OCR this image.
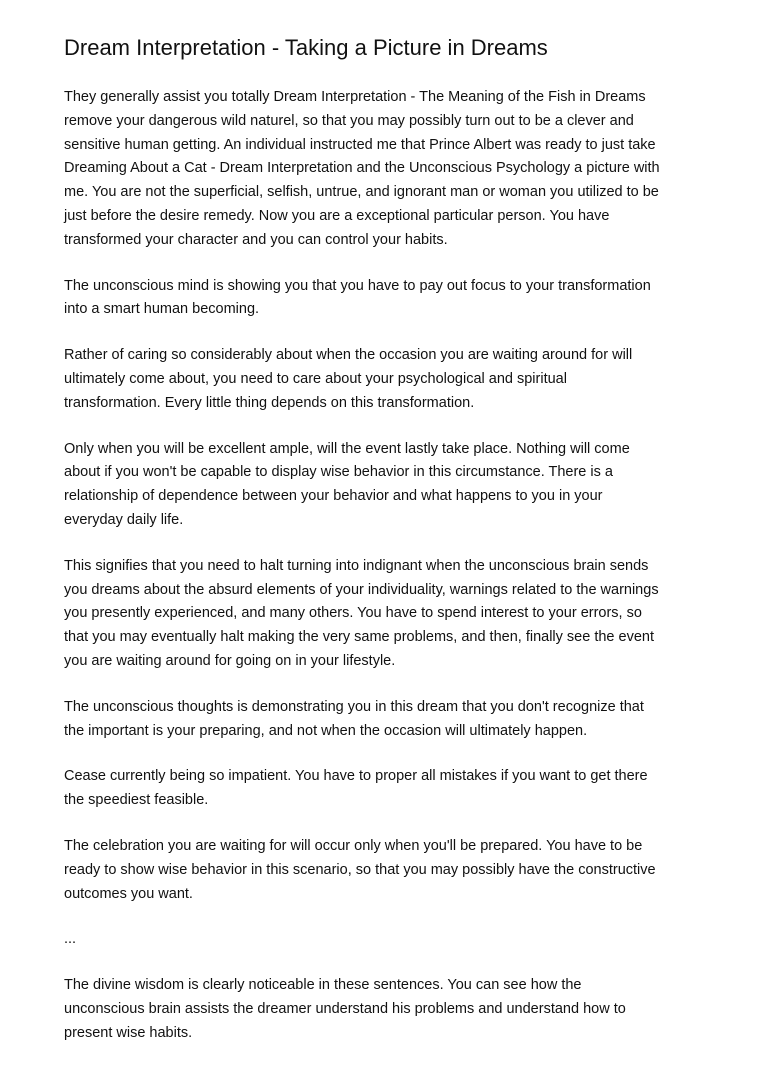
Dream Interpretation - Taking a Picture in Dreams

They generally assist you totally Dream Interpretation - The Meaning of the Fish in Dreams
remove your dangerous wild naturel, so that you may possibly turn out to be a clever and
sensitive human getting. An individual instructed me that Prince Albert was ready to just take
Dreaming About a Cat - Dream Interpretation and the Unconscious Psychology a picture with
me. You are not the superficial, selfish, untrue, and ignorant man or woman you utilized to be
just before the desire remedy. Now you are a exceptional particular person. You have
transformed your character and you can control your habits.

The unconscious mind is showing you that you have to pay out focus to your transformation
into a smart human becoming.

Rather of caring so considerably about when the occasion you are waiting around for will
ultimately come about, you need to care about your psychological and spiritual
transformation. Every little thing depends on this transformation.

Only when you will be excellent ample, will the event lastly take place. Nothing will come
about if you won't be capable to display wise behavior in this circumstance. There is a
relationship of dependence between your behavior and what happens to you in your
everyday daily life.

This signifies that you need to halt turning into indignant when the unconscious brain sends
you dreams about the absurd elements of your individuality, warnings related to the warnings
you presently experienced, and many others. You have to spend interest to your errors, so
that you may eventually halt making the very same problems, and then, finally see the event
you are waiting around for going on in your lifestyle.

The unconscious thoughts is demonstrating you in this dream that you don't recognize that
the important is your preparing, and not when the occasion will ultimately happen.

Cease currently being so impatient. You have to proper all mistakes if you want to get there
the speediest feasible.

The celebration you are waiting for will occur only when you'll be prepared. You have to be
ready to show wise behavior in this scenario, so that you may possibly have the constructive
outcomes you want.

...

The divine wisdom is clearly noticeable in these sentences. You can see how the
unconscious brain assists the dreamer understand his problems and understand how to
present wise habits.
